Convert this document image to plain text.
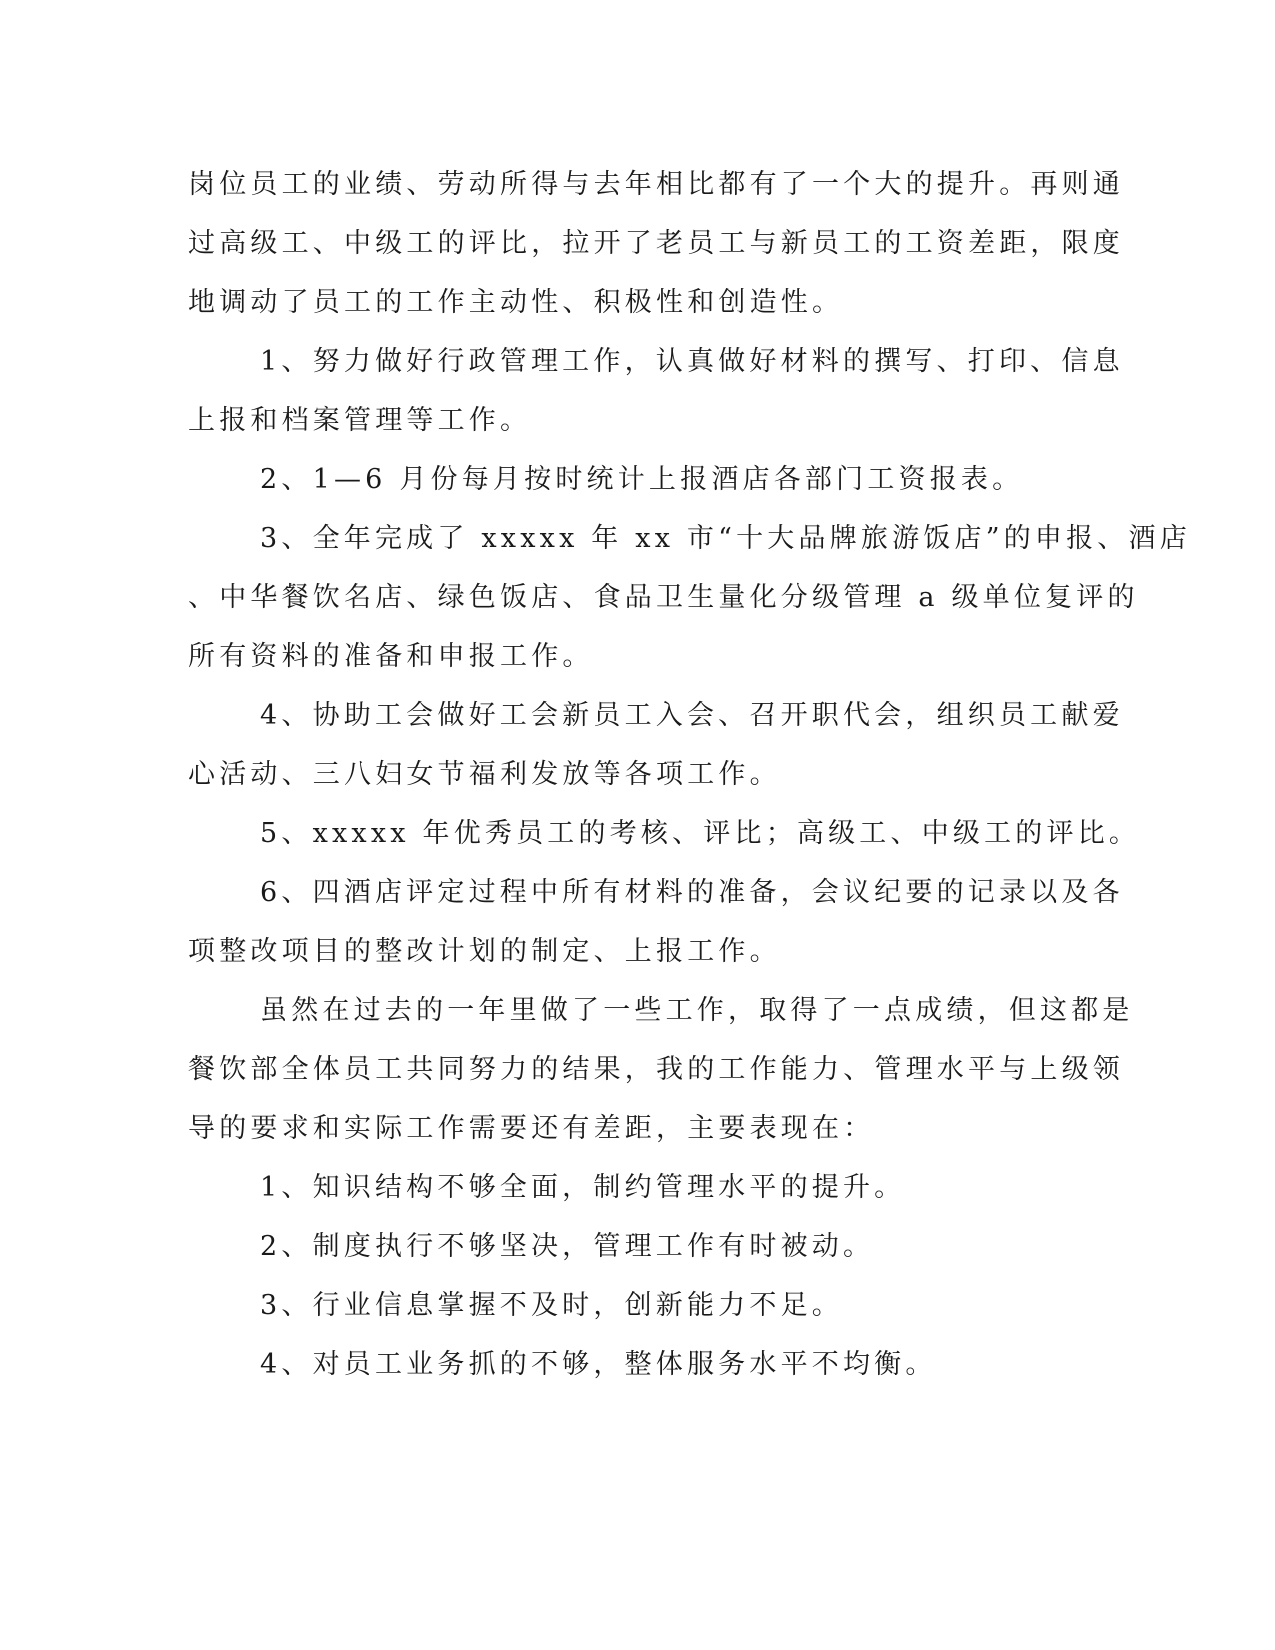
岗位员工的业绩、劳动所得与去年相比都有了一个大的提升。再则通
过高级工、中级工的评比，拉开了老员工与新员工的工资差距，限度
地调动了员工的工作主动性、积极性和创造性。
1、努力做好行政管理工作，认真做好材料的撰写、打印、信息
上报和档案管理等工作。
2、1—6 月份每月按时统计上报酒店各部门工资报表。
3、全年完成了 xxxxx 年 xx 市“十大品牌旅游饭店”的申报、酒店
、中华餐饮名店、绿色饭店、食品卫生量化分级管理 a 级单位复评的
所有资料的准备和申报工作。
4、协助工会做好工会新员工入会、召开职代会，组织员工献爱
心活动、三八妇女节福利发放等各项工作。
5、xxxxx 年优秀员工的考核、评比；高级工、中级工的评比。
6、四酒店评定过程中所有材料的准备，会议纪要的记录以及各
项整改项目的整改计划的制定、上报工作。
虽然在过去的一年里做了一些工作，取得了一点成绩，但这都是
餐饮部全体员工共同努力的结果，我的工作能力、管理水平与上级领
导的要求和实际工作需要还有差距，主要表现在：
1、知识结构不够全面，制约管理水平的提升。
2、制度执行不够坚决，管理工作有时被动。
3、行业信息掌握不及时，创新能力不足。
4、对员工业务抓的不够，整体服务水平不均衡。
